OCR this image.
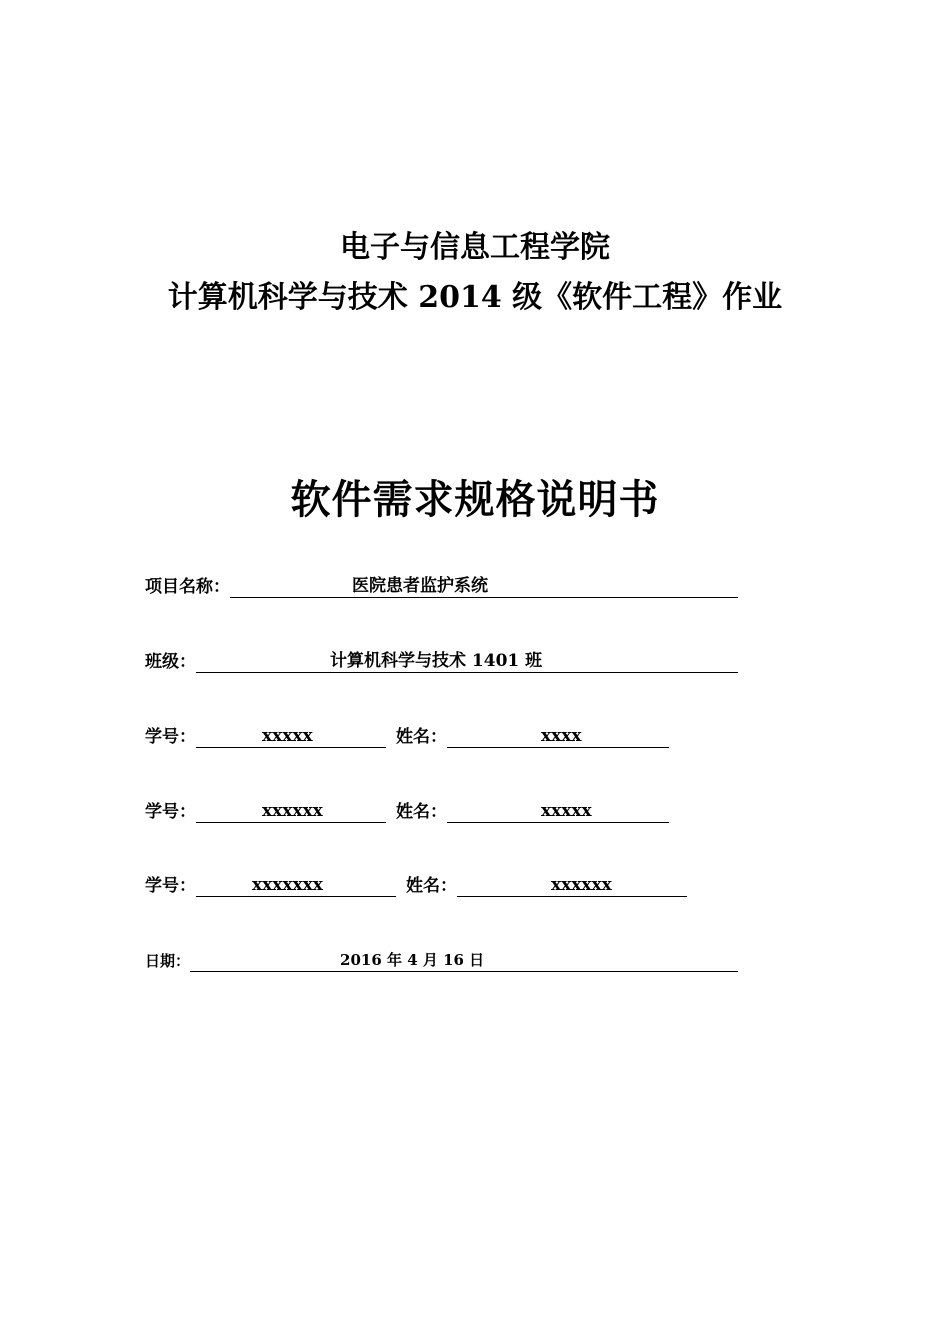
电子与信息工程学院
计算机科学与技术 2014 级《软件工程》作业
软件需求规格说明书
项目名称：	医院患者监护系统
班级：	计算机科学与技术 1401 班
学号：	xxxxx	姓名：	xxxx
学号：	xxxxxx	姓名：	xxxxx
学号：	xxxxxxx	姓名：	xxxxxx
日期：	2016 年 4 月 16 日
